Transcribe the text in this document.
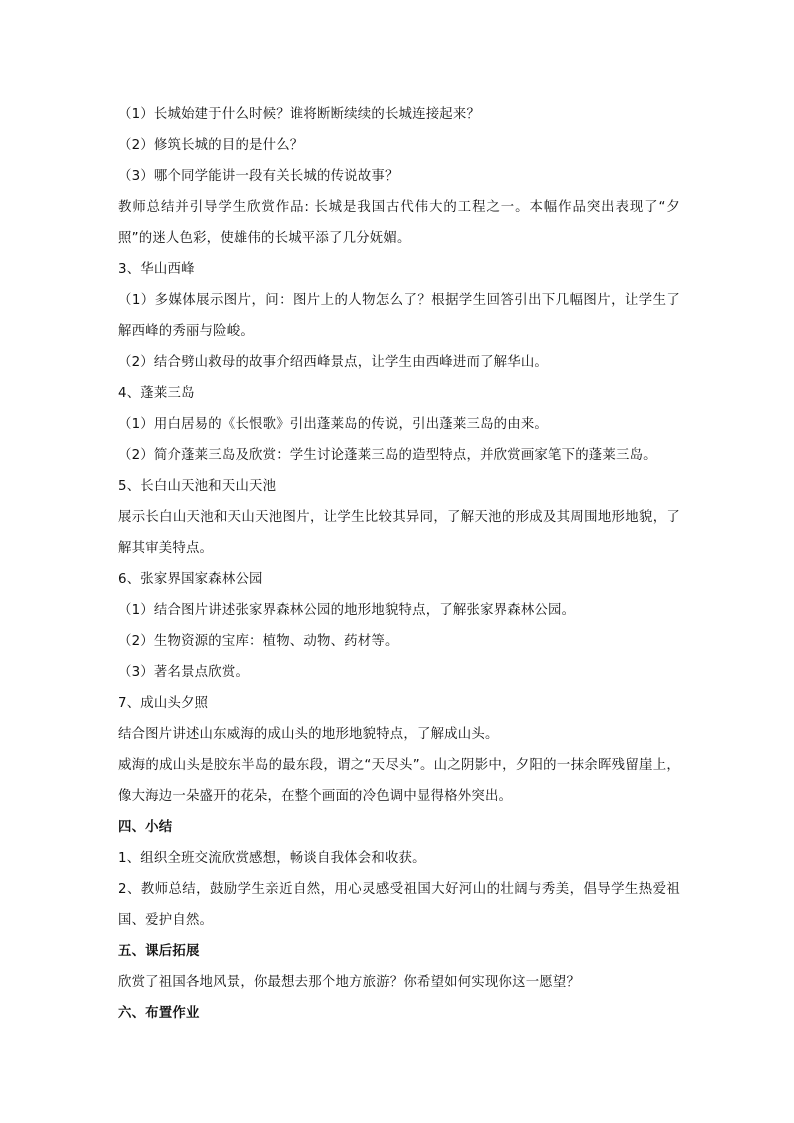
（1）长城始建于什么时候？谁将断断续续的长城连接起来？
（2）修筑长城的目的是什么？
（3）哪个同学能讲一段有关长城的传说故事？
教师总结并引导学生欣赏作品: 长城是我国古代伟大的工程之一。本幅作品突出表现了“夕照”的迷人色彩，使雄伟的长城平添了几分妩媚。
3、华山西峰
（1）多媒体展示图片，问：图片上的人物怎么了？根据学生回答引出下几幅图片，让学生了解西峰的秀丽与险峻。
（2）结合劈山救母的故事介绍西峰景点，让学生由西峰进而了解华山。
4、蓬莱三岛
（1）用白居易的《长恨歌》引出蓬莱岛的传说，引出蓬莱三岛的由来。
（2）简介蓬莱三岛及欣赏：学生讨论蓬莱三岛的造型特点，并欣赏画家笔下的蓬莱三岛。
5、长白山天池和天山天池
展示长白山天池和天山天池图片，让学生比较其异同，了解天池的形成及其周围地形地貌，了解其审美特点。
6、张家界国家森林公园
（1）结合图片讲述张家界森林公园的地形地貌特点，了解张家界森林公园。
（2）生物资源的宝库：植物、动物、药材等。
（3）著名景点欣赏。
7、成山头夕照
结合图片讲述山东威海的成山头的地形地貌特点，了解成山头。
威海的成山头是胶东半岛的最东段，谓之“天尽头”。山之阴影中，夕阳的一抹余晖残留崖上，像大海边一朵盛开的花朵，在整个画面的冷色调中显得格外突出。
四、小结
1、组织全班交流欣赏感想，畅谈自我体会和收获。
2、教师总结，鼓励学生亲近自然，用心灵感受祖国大好河山的壮阔与秀美，倡导学生热爱祖国、爱护自然。
五、课后拓展
欣赏了祖国各地风景，你最想去那个地方旅游？你希望如何实现你这一愿望？
六、布置作业
